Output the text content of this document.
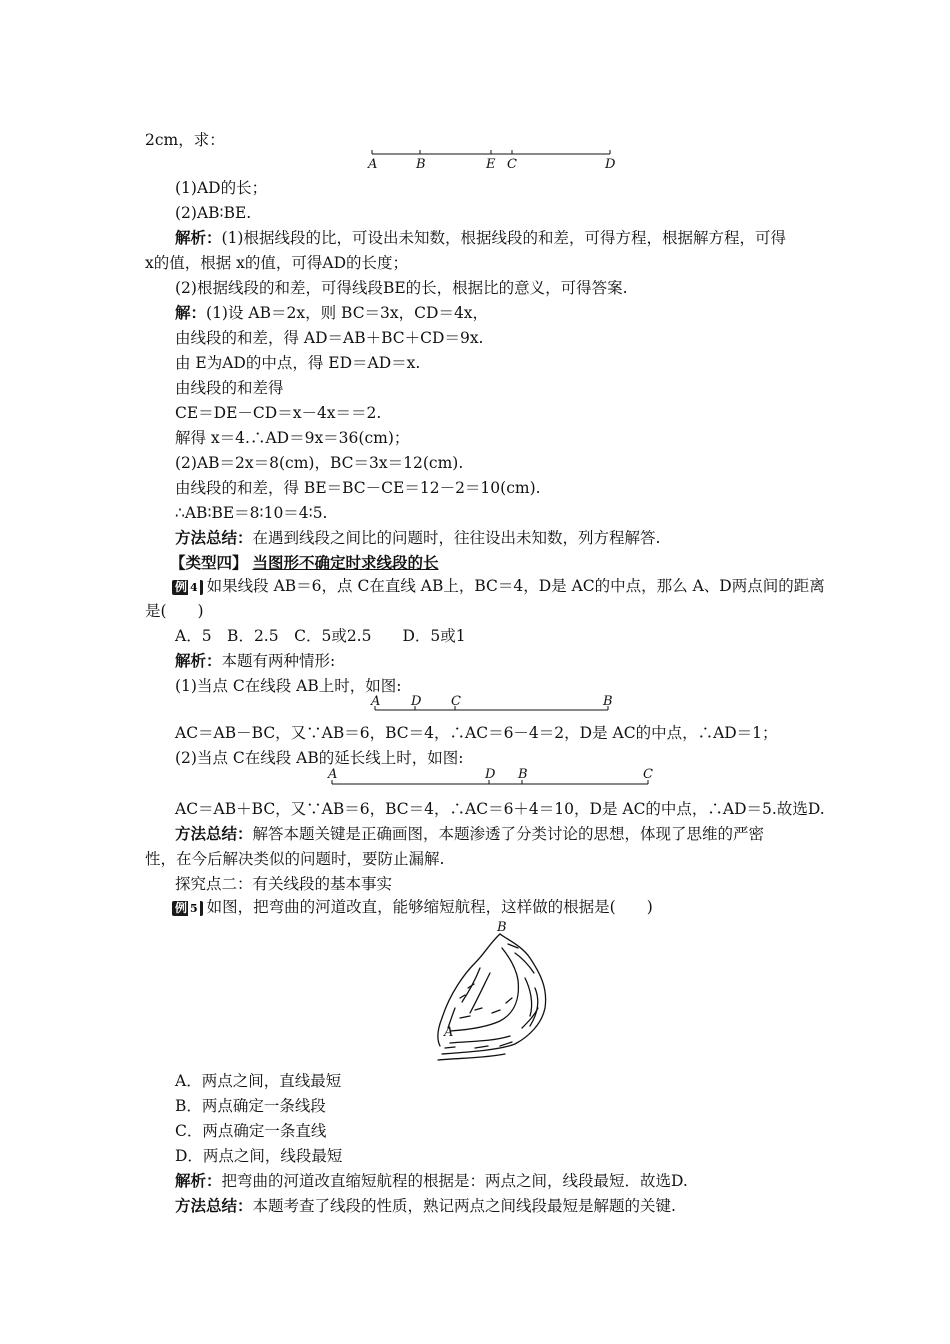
2cm，求：
A	B	E C	D
(1)AD的长；
(2)AB∶BE.
解析：(1)根据线段的比，可设出未知数，根据线段的和差，可得方程，根据解方程，可得
x的值，根据 x的值，可得AD的长度；
(2)根据线段的和差，可得线段BE的长，根据比的意义，可得答案.
解：(1)设 AB＝2x，则 BC＝3x，CD＝4x，
由线段的和差，得 AD＝AB＋BC＋CD＝9x.
由 E为AD的中点，得 ED＝AD＝x.
由线段的和差得
CE＝DE－CD＝x－4x＝＝2.
解得 x＝4.∴AD＝9x＝36(cm)；
(2)AB＝2x＝8(cm)，BC＝3x＝12(cm).
由线段的和差，得 BE＝BC－CE＝12－2＝10(cm).
∴AB∶BE＝8∶10＝4∶5.
方法总结：在遇到线段之间比的问题时，往往设出未知数，列方程解答.
【类型四】 当图形不确定时求线段的长
例 4 如果线段 AB＝6，点 C在直线 AB上，BC＝4，D是 AC的中点，那么 A、D两点间的距离
是(　　)
A．5　B．2.5　C．5或2.5　　D．5或1
解析：本题有两种情形:
(1)当点 C在线段 AB上时，如图:
A D C	B
AC＝AB－BC，又∵AB＝6，BC＝4，∴AC＝6－4＝2，D是 AC的中点，∴AD＝1；
(2)当点 C在线段 AB的延长线上时，如图:
A	D B	C
AC＝AB＋BC，又∵AB＝6，BC＝4，∴AC＝6＋4＝10，D是 AC的中点，∴AD＝5.故选D.
方法总结：解答本题关键是正确画图，本题渗透了分类讨论的思想，体现了思维的严密
性，在今后解决类似的问题时，要防止漏解.
探究点二：有关线段的基本事实
例 5 如图，把弯曲的河道改直，能够缩短航程，这样做的根据是(　　)
B
A
A．两点之间，直线最短
B．两点确定一条线段
C．两点确定一条直线
D．两点之间，线段最短
解析：把弯曲的河道改直缩短航程的根据是：两点之间，线段最短．故选D.
方法总结：本题考查了线段的性质，熟记两点之间线段最短是解题的关键.
